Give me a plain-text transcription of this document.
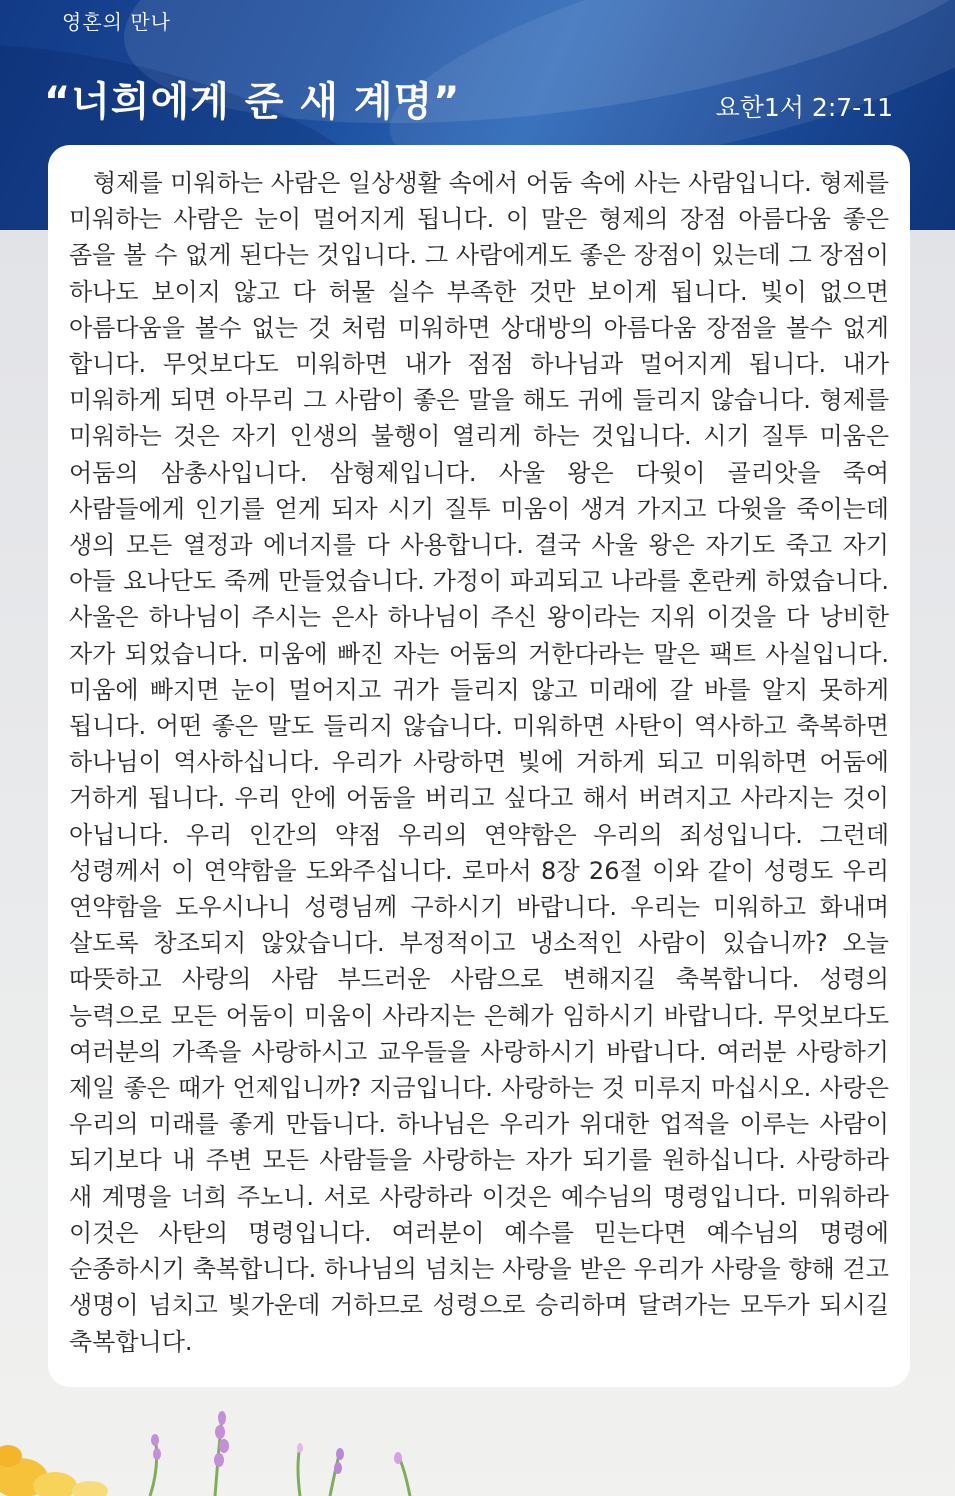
영혼의 만나
“너희에게 준 새 계명”	요한1서 2:7-11

형제를 미워하는 사람은 일상생활 속에서 어둠 속에 사는 사람입니다. 형제를 미워하는 사람은 눈이 멀어지게 됩니다. 이 말은 형제의 장점 아름다움 좋은 좀을 볼 수 없게 된다는 것입니다. 그 사람에게도 좋은 장점이 있는데 그 장점이 하나도 보이지 않고 다 허물 실수 부족한 것만 보이게 됩니다. 빛이 없으면 아름다움을 볼수 없는 것 처럼 미워하면 상대방의 아름다움 장점을 볼수 없게 합니다. 무엇보다도 미워하면 내가 점점 하나님과 멀어지게 됩니다. 내가 미워하게 되면 아무리 그 사람이 좋은 말을 해도 귀에 들리지 않습니다. 형제를 미워하는 것은 자기 인생의 불행이 열리게 하는 것입니다. 시기 질투 미움은 어둠의 삼총사입니다. 삼형제입니다. 사울 왕은 다윗이 골리앗을 죽여 사람들에게 인기를 얻게 되자 시기 질투 미움이 생겨 가지고 다윗을 죽이는데 생의 모든 열정과 에너지를 다 사용합니다. 결국 사울 왕은 자기도 죽고 자기 아들 요나단도 죽께 만들었습니다. 가정이 파괴되고 나라를 혼란케 하였습니다. 사울은 하나님이 주시는 은사 하나님이 주신 왕이라는 지위 이것을 다 낭비한 자가 되었습니다. 미움에 빠진 자는 어둠의 거한다라는 말은 팩트 사실입니다. 미움에 빠지면 눈이 멀어지고 귀가 들리지 않고 미래에 갈 바를 알지 못하게 됩니다. 어떤 좋은 말도 들리지 않습니다. 미워하면 사탄이 역사하고 축복하면 하나님이 역사하십니다. 우리가 사랑하면 빛에 거하게 되고 미워하면 어둠에 거하게 됩니다. 우리 안에 어둠을 버리고 싶다고 해서 버려지고 사라지는 것이 아닙니다. 우리 인간의 약점 우리의 연약함은 우리의 죄성입니다. 그런데 성령께서 이 연약함을 도와주십니다. 로마서 8장 26절 이와 같이 성령도 우리 연약함을 도우시나니 성령님께 구하시기 바랍니다. 우리는 미워하고 화내며 살도록 창조되지 않았습니다. 부정적이고 냉소적인 사람이 있습니까? 오늘 따뜻하고 사랑의 사람 부드러운 사람으로 변해지길 축복합니다. 성령의 능력으로 모든 어둠이 미움이 사라지는 은혜가 임하시기 바랍니다. 무엇보다도 여러분의 가족을 사랑하시고 교우들을 사랑하시기 바랍니다. 여러분 사랑하기 제일 좋은 때가 언제입니까? 지금입니다. 사랑하는 것 미루지 마십시오. 사랑은 우리의 미래를 좋게 만듭니다. 하나님은 우리가 위대한 업적을 이루는 사람이 되기보다 내 주변 모든 사람들을 사랑하는 자가 되기를 원하십니다. 사랑하라 새 계명을 너희 주노니. 서로 사랑하라 이것은 예수님의 명령입니다. 미워하라 이것은 사탄의 명령입니다. 여러분이 예수를 믿는다면 예수님의 명령에 순종하시기 축복합니다. 하나님의 넘치는 사랑을 받은 우리가 사랑을 향해 걷고 생명이 넘치고 빛가운데 거하므로 성령으로 승리하며 달려가는 모두가 되시길 축복합니다.
